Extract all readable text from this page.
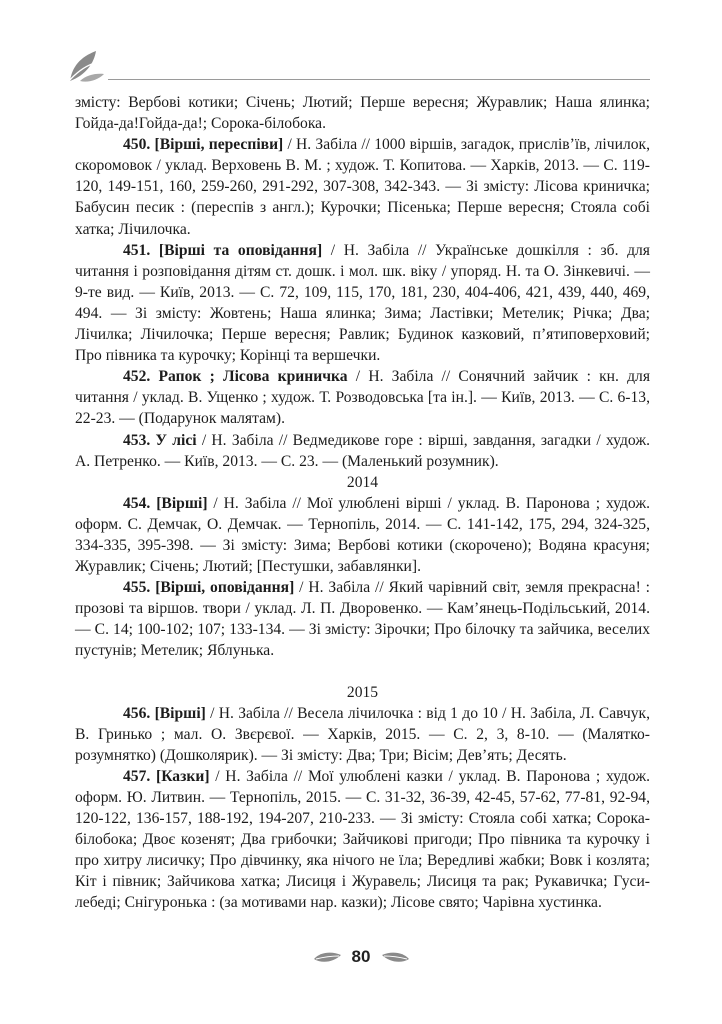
змісту: Вербові котики; Січень; Лютий; Перше вересня; Журавлик; Наша ялинка; Гойда-да!Гойда-да!; Сорока-білобока.

450. [Вірші, переспіви] / Н. Забіла // 1000 віршів, загадок, прислів’їв, лічилок, скоромовок / уклад. Верховень В. М. ; худож. Т. Копитова. — Харків, 2013. — С. 119-120, 149-151, 160, 259-260, 291-292, 307-308, 342-343. — Зі змісту: Лісова криничка; Бабусин песик : (переспів з англ.); Курочки; Пісенька; Перше вересня; Стояла собі хатка; Лічилочка.

451. [Вірші та оповідання] / Н. Забіла // Українське дошкілля : зб. для читання і розповідання дітям ст. дошк. і мол. шк. віку / упоряд. Н. та О. Зінкевичі. — 9-те вид. — Київ, 2013. — С. 72, 109, 115, 170, 181, 230, 404-406, 421, 439, 440, 469, 494. — Зі змісту: Жовтень; Наша ялинка; Зима; Ластівки; Метелик; Річка; Два; Лічилка; Лічилочка; Перше вересня; Равлик; Будинок казковий, п’ятиповерховий; Про півника та курочку; Корінці та вершечки.

452. Рапок ; Лісова криничка / Н. Забіла // Сонячний зайчик : кн. для читання / уклад. В. Ущенко ; худож. Т. Розводовська [та ін.]. — Київ, 2013. — С. 6-13, 22-23. — (Подарунок малятам).

453. У лісі / Н. Забіла // Ведмедикове горе : вірші, завдання, загадки / худож. А. Петренко. — Київ, 2013. — С. 23. — (Маленький розумник).

2014

454. [Вірші] / Н. Забіла // Мої улюблені вірші / уклад. В. Паронова ; худож. оформ. С. Демчак, О. Демчак. — Тернопіль, 2014. — С. 141-142, 175, 294, 324-325, 334-335, 395-398. — Зі змісту: Зима; Вербові котики (скорочено); Водяна красуня; Журавлик; Січень; Лютий; [Пестушки, забавлянки].

455. [Вірші, оповідання] / Н. Забіла // Який чарівний світ, земля прекрасна! : прозові та віршов. твори / уклад. Л. П. Дворовенко. — Кам’янець-Подільський, 2014. — С. 14; 100-102; 107; 133-134. — Зі змісту: Зірочки; Про білочку та зайчика, веселих пустунів; Метелик; Яблунька.

2015

456. [Вірші] / Н. Забіла // Весела лічилочка : від 1 до 10 / Н. Забіла, Л. Савчук, В. Гринько ; мал. О. Звєрєвої. — Харків, 2015. — С. 2, 3, 8-10. — (Малятко-розумнятко) (Дошколярик). — Зі змісту: Два; Три; Вісім; Дев’ять; Десять.

457. [Казки] / Н. Забіла // Мої улюблені казки / уклад. В. Паронова ; худож. оформ. Ю. Литвин. — Тернопіль, 2015. — С. 31-32, 36-39, 42-45, 57-62, 77-81, 92-94, 120-122, 136-157, 188-192, 194-207, 210-233. — Зі змісту: Стояла собі хатка; Сорока-білобока; Двоє козенят; Два грибочки; Зайчикові пригоди; Про півника та курочку і про хитру лисичку; Про дівчинку, яка нічого не їла; Вередливі жабки; Вовк і козлята; Кіт і півник; Зайчикова хатка; Лисиця і Журавель; Лисиця та рак; Рукавичка; Гуси-лебеді; Снігуронька : (за мотивами нар. казки); Лісове свято; Чарівна хустинка.

80
